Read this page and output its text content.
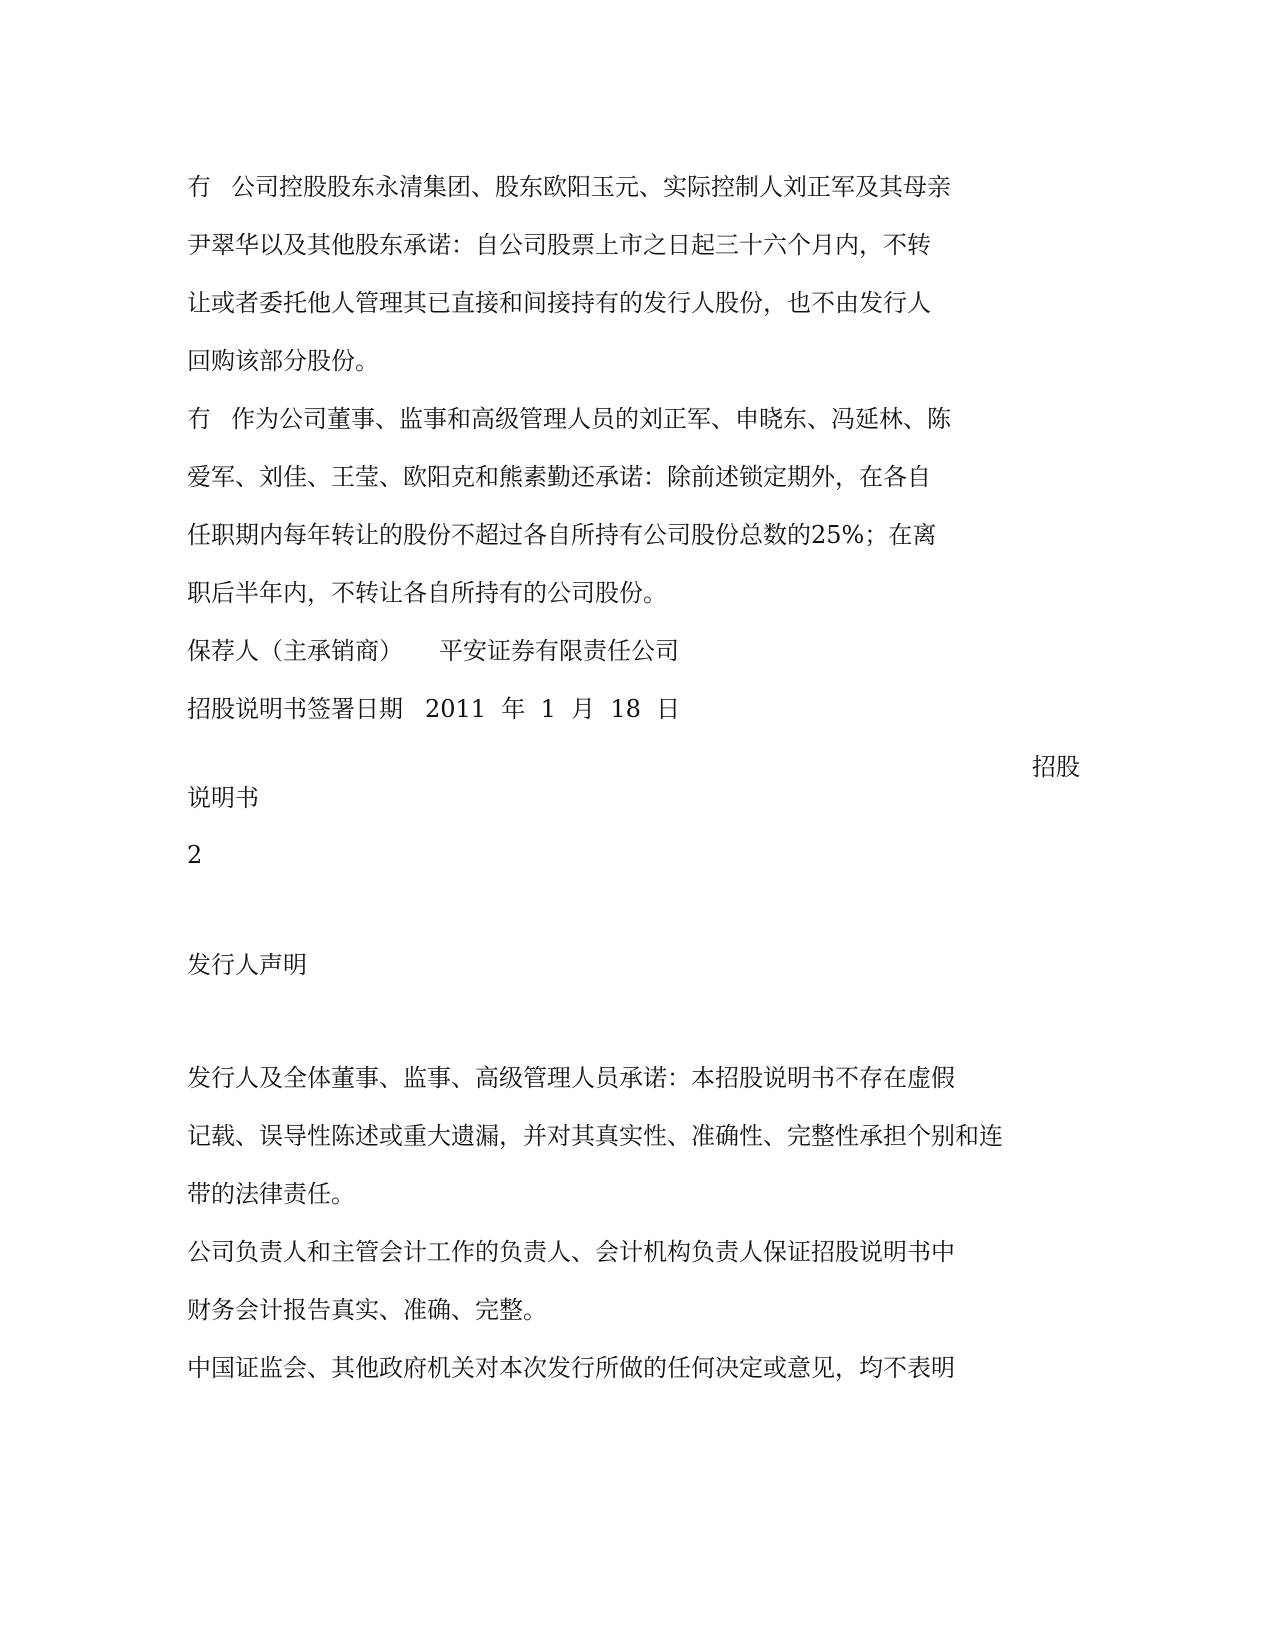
冇 公司控股股东永清集团、股东欧阳玉元、实际控制人刘正军及其母亲
尹翠华以及其他股东承诺：自公司股票上市之日起三十六个月内，不转
让或者委托他人管理其已直接和间接持有的发行人股份，也不由发行人
回购该部分股份。
冇 作为公司董事、监事和高级管理人员的刘正军、申晓东、冯延林、陈
爱军、刘佳、王莹、欧阳克和熊素勤还承诺：除前述锁定期外，在各自
任职期内每年转让的股份不超过各自所持有公司股份总数的25%；在离
职后半年内，不转让各自所持有的公司股份。
保荐人（主承销商） 平安证券有限责任公司
招股说明书签署日期 2011  年  1  月  18  日
招股
说明书
2
发行人声明
发行人及全体董事、监事、高级管理人员承诺：本招股说明书不存在虚假
记载、误导性陈述或重大遗漏，并对其真实性、准确性、完整性承担个别和连
带的法律责任。
公司负责人和主管会计工作的负责人、会计机构负责人保证招股说明书中
财务会计报告真实、准确、完整。
中国证监会、其他政府机关对本次发行所做的任何决定或意见，均不表明
